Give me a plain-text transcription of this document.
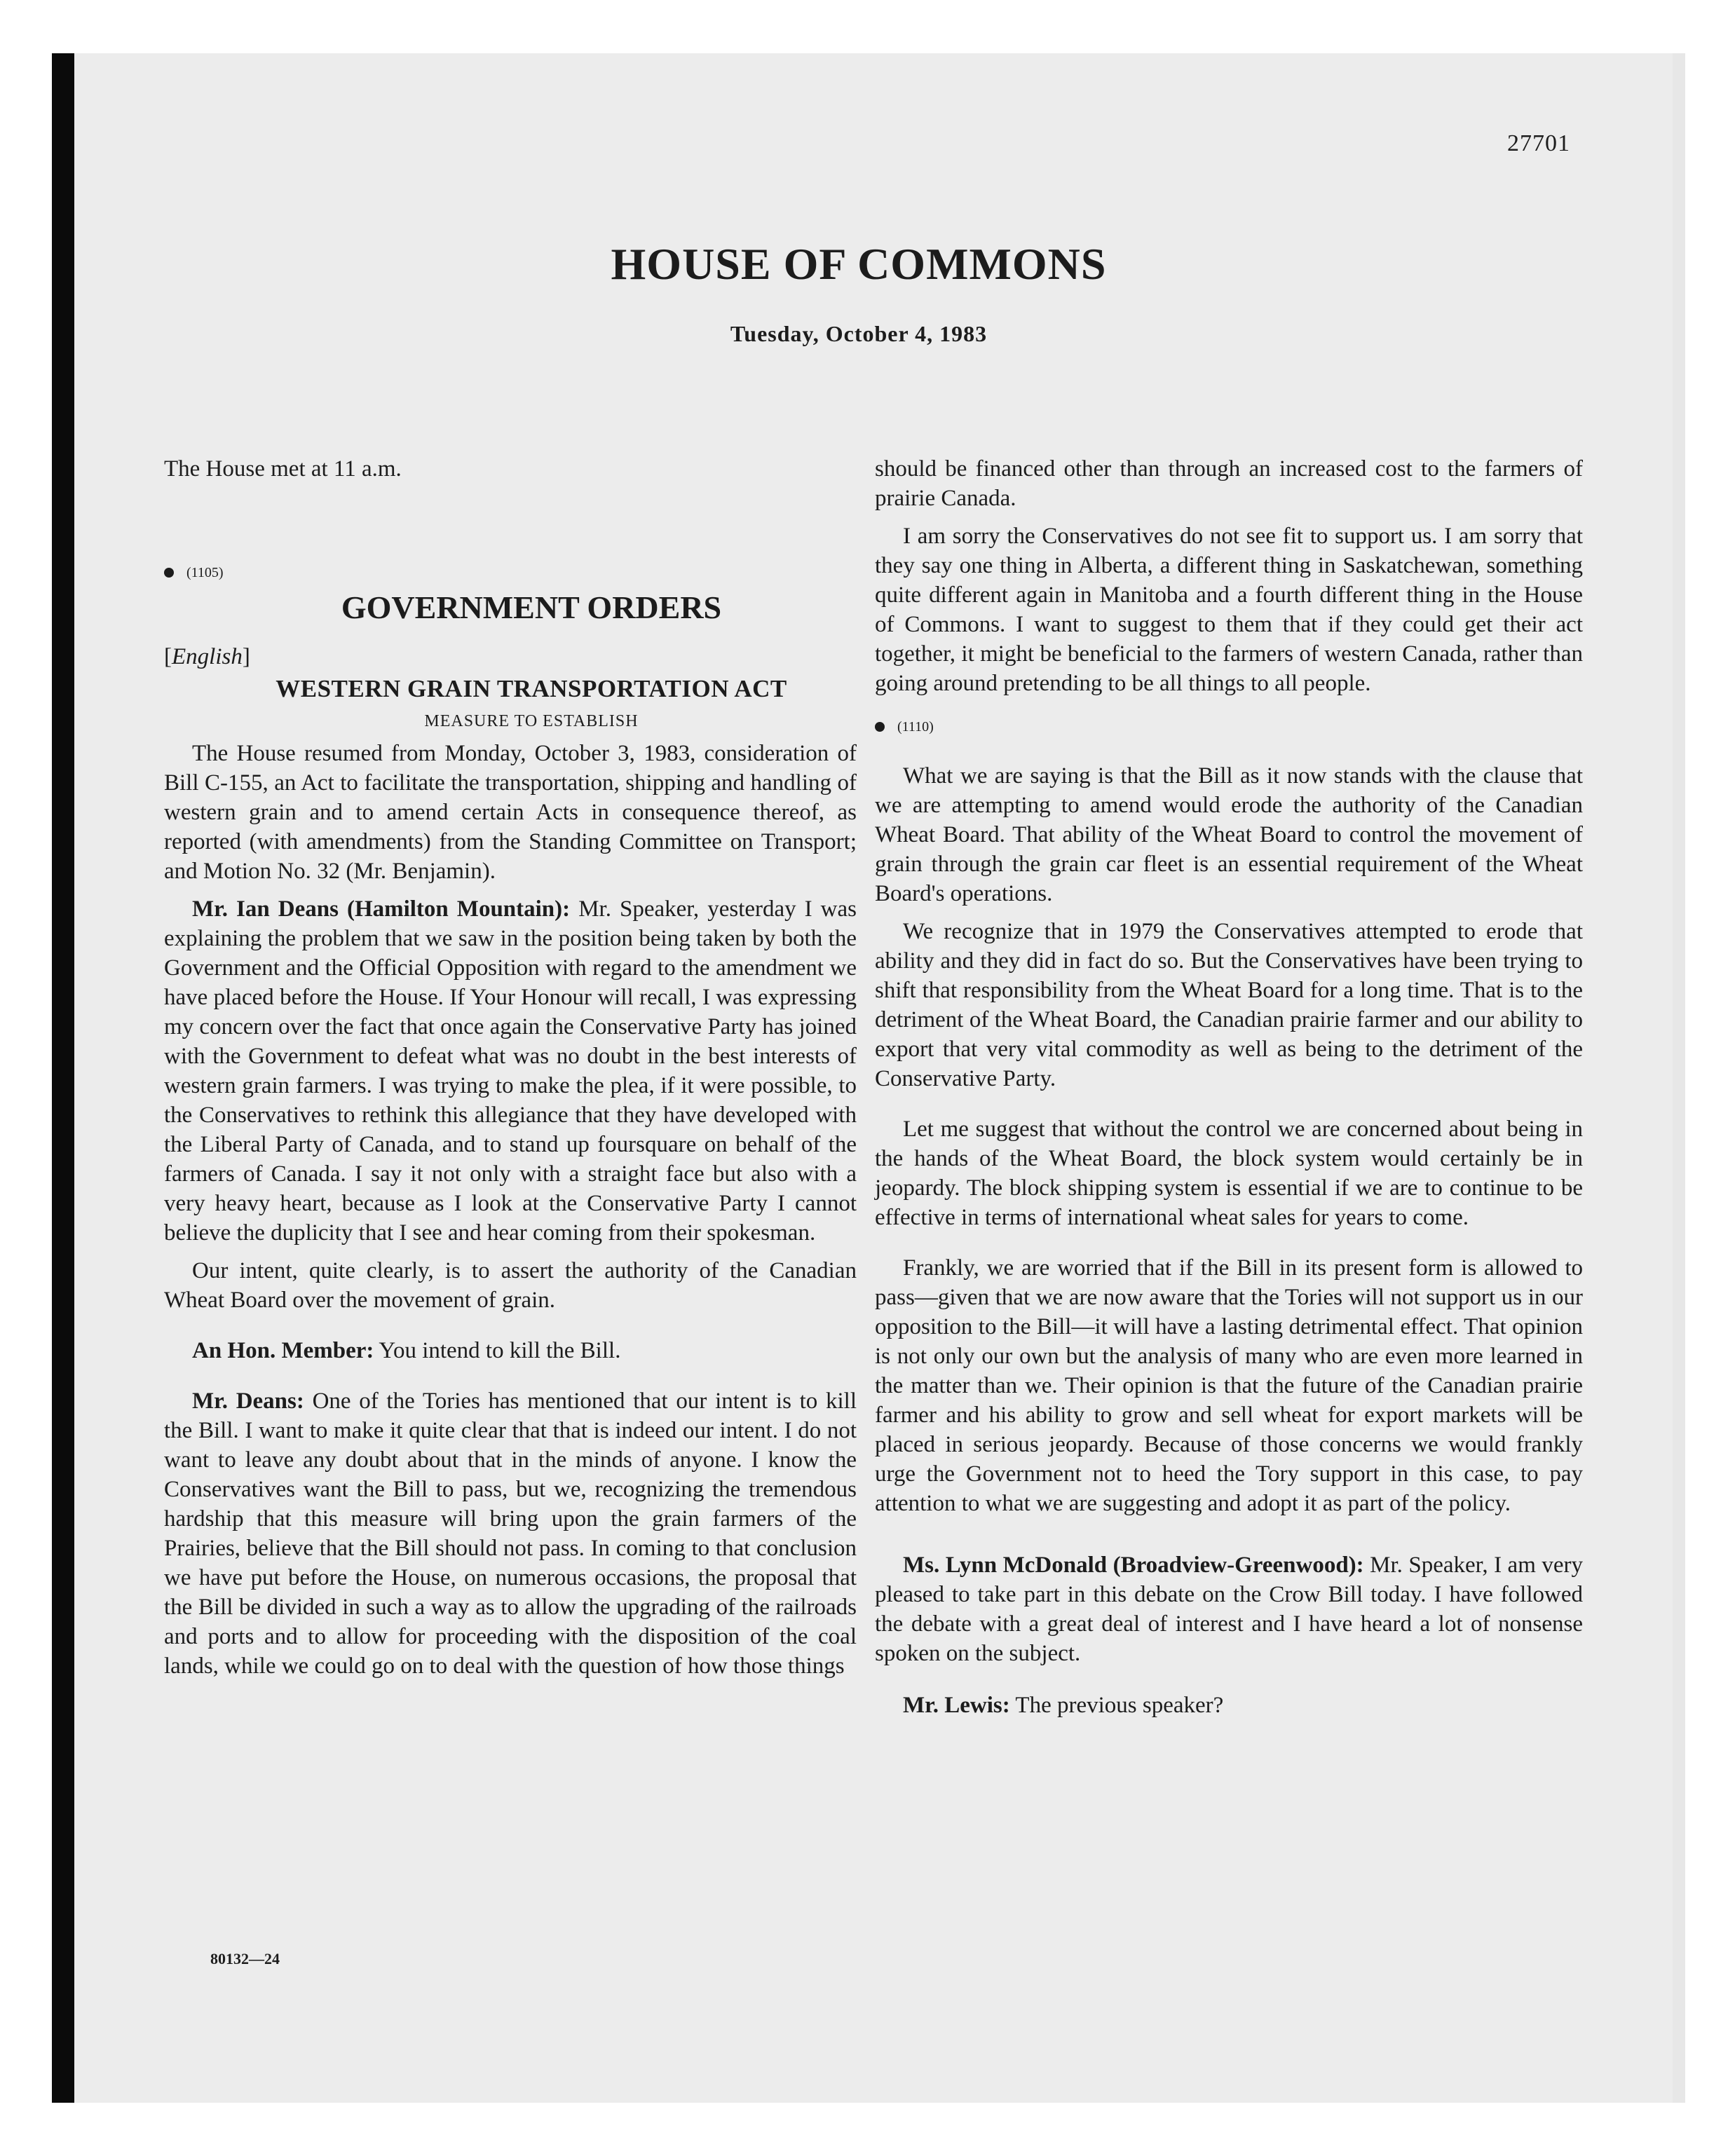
27701
HOUSE OF COMMONS
Tuesday, October 4, 1983

The House met at 11 a.m.

(1105)
GOVERNMENT ORDERS

[English]

WESTERN GRAIN TRANSPORTATION ACT
MEASURE TO ESTABLISH

The House resumed from Monday, October 3, 1983, consideration of Bill C-155, an Act to facilitate the transportation, shipping and handling of western grain and to amend certain Acts in consequence thereof, as reported (with amendments) from the Standing Committee on Transport; and Motion No. 32 (Mr. Benjamin).

Mr. Ian Deans (Hamilton Mountain): Mr. Speaker, yesterday I was explaining the problem that we saw in the position being taken by both the Government and the Official Opposition with regard to the amendment we have placed before the House. If Your Honour will recall, I was expressing my concern over the fact that once again the Conservative Party has joined with the Government to defeat what was no doubt in the best interests of western grain farmers. I was trying to make the plea, if it were possible, to the Conservatives to rethink this allegiance that they have developed with the Liberal Party of Canada, and to stand up foursquare on behalf of the farmers of Canada. I say it not only with a straight face but also with a very heavy heart, because as I look at the Conservative Party I cannot believe the duplicity that I see and hear coming from their spokesman.

Our intent, quite clearly, is to assert the authority of the Canadian Wheat Board over the movement of grain.

An Hon. Member: You intend to kill the Bill.

Mr. Deans: One of the Tories has mentioned that our intent is to kill the Bill. I want to make it quite clear that that is indeed our intent. I do not want to leave any doubt about that in the minds of anyone. I know the Conservatives want the Bill to pass, but we, recognizing the tremendous hardship that this measure will bring upon the grain farmers of the Prairies, believe that the Bill should not pass. In coming to that conclusion we have put before the House, on numerous occasions, the proposal that the Bill be divided in such a way as to allow the upgrading of the railroads and ports and to allow for proceeding with the disposition of the coal lands, while we could go on to deal with the question of how those things

should be financed other than through an increased cost to the farmers of prairie Canada.

I am sorry the Conservatives do not see fit to support us. I am sorry that they say one thing in Alberta, a different thing in Saskatchewan, something quite different again in Manitoba and a fourth different thing in the House of Commons. I want to suggest to them that if they could get their act together, it might be beneficial to the farmers of western Canada, rather than going around pretending to be all things to all people.

(1110)

What we are saying is that the Bill as it now stands with the clause that we are attempting to amend would erode the authority of the Canadian Wheat Board. That ability of the Wheat Board to control the movement of grain through the grain car fleet is an essential requirement of the Wheat Board's operations.

We recognize that in 1979 the Conservatives attempted to erode that ability and they did in fact do so. But the Conservatives have been trying to shift that responsibility from the Wheat Board for a long time. That is to the detriment of the Wheat Board, the Canadian prairie farmer and our ability to export that very vital commodity as well as being to the detriment of the Conservative Party.

Let me suggest that without the control we are concerned about being in the hands of the Wheat Board, the block system would certainly be in jeopardy. The block shipping system is essential if we are to continue to be effective in terms of international wheat sales for years to come.

Frankly, we are worried that if the Bill in its present form is allowed to pass—given that we are now aware that the Tories will not support us in our opposition to the Bill—it will have a lasting detrimental effect. That opinion is not only our own but the analysis of many who are even more learned in the matter than we. Their opinion is that the future of the Canadian prairie farmer and his ability to grow and sell wheat for export markets will be placed in serious jeopardy. Because of those concerns we would frankly urge the Government not to heed the Tory support in this case, to pay attention to what we are suggesting and adopt it as part of the policy.

Ms. Lynn McDonald (Broadview-Greenwood): Mr. Speaker, I am very pleased to take part in this debate on the Crow Bill today. I have followed the debate with a great deal of interest and I have heard a lot of nonsense spoken on the subject.

Mr. Lewis: The previous speaker?

80132—24
